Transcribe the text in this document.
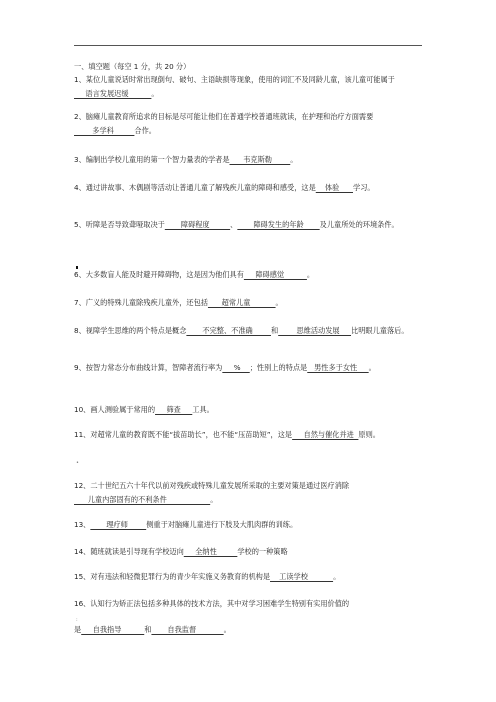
一、填空题（每空 1 分，共 20 分）
1、某位儿童说话时常出现倒句、破句、主语缺损等现象，使用的词汇不及同龄儿童，该儿童可能属于     语言发展迟缓          。
2、脑瘫儿童教育所追求的目标是尽可能让他们在普通学校普通班就读，在护理和治疗方面需要        多学科         合作。
3、编制出学校儿童用的第一个智力量表的学者是      韦克斯勒        。
4、通过讲故事、木偶剧等活动让普通儿童了解残疾儿童的障碍和感受，这是    体验      学习。
5、听障是否导致聋哑取决于       障碍程度         、       障碍发生的年龄       及儿童所处的环境条件。
6、大多数盲人能及时避开障碍物，这是因为他们具有     障碍感觉          。
7、广义的特殊儿童除残疾儿童外，还包括      超常儿童           。
8、视障学生思维的两个特点是概念       不完整、不准确        和        思维活动发展     比明眼儿童落后。
9、按智力常态分布曲线计算，智障者流行率为     %    ；性别上的特点是   男性多于女性     。
10、画人测验属于常用的     筛查     工具。
11、对超常儿童的教育既不能“拔苗助长”，也不能“压苗助短”，这是     自然与催化并进  原则。
•
12、二十世纪五六十年代以前对残疾或特殊儿童发展所采取的主要对策是通过医疗消除      儿童内部固有的不利条件                   。
13、       理疗师        侧重于对脑瘫儿童进行下肢及大肌肉群的训练。
14、随班就读是引导现有学校迈向     全纳性         学校的一种策略
15、对有违法和轻微犯罪行为的青少年实施义务教育的机构是    工读学校           。
16、认知行为矫正法包括多种具体的技术方法，其中对学习困难学生特别有实用价值的
:
是     自我指导          和       自我监督            。
